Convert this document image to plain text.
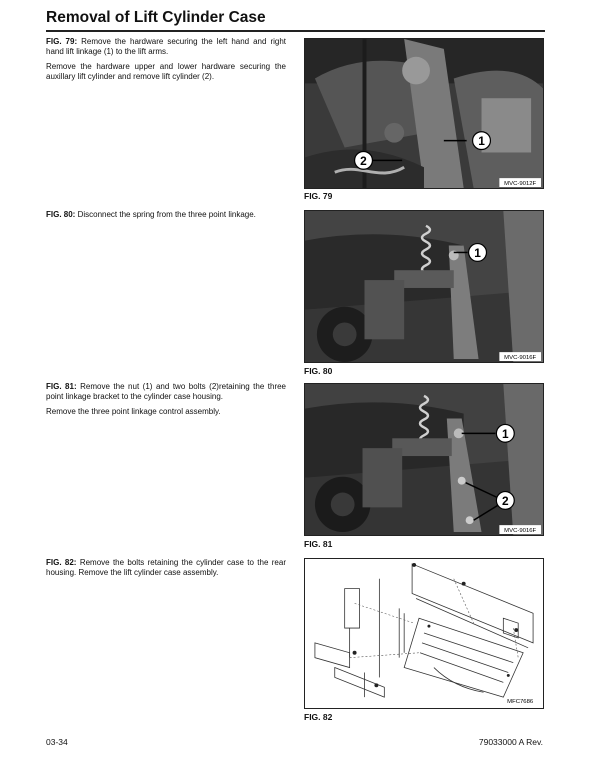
Removal of Lift Cylinder Case

FIG. 79: Remove the hardware securing the left hand and right hand lift linkage (1) to the lift arms.

Remove the hardware upper and lower hardware securing the auxillary lift cylinder and remove lift cylinder (2).

1
2
MVC-9012F
FIG. 79

FIG. 80: Disconnect the spring from the three point linkage.

1
MVC-9016F
FIG. 80

FIG. 81: Remove the nut (1) and two bolts (2)retaining the three point linkage bracket to the cylinder case housing.

Remove the three point linkage control assembly.

1
2
MVC-9016F
FIG. 81

FIG. 82: Remove the bolts retaining the cylinder case to the rear housing. Remove the lift cylinder case assembly.

MFC7686
FIG. 82
03-34	79033000 A Rev.
